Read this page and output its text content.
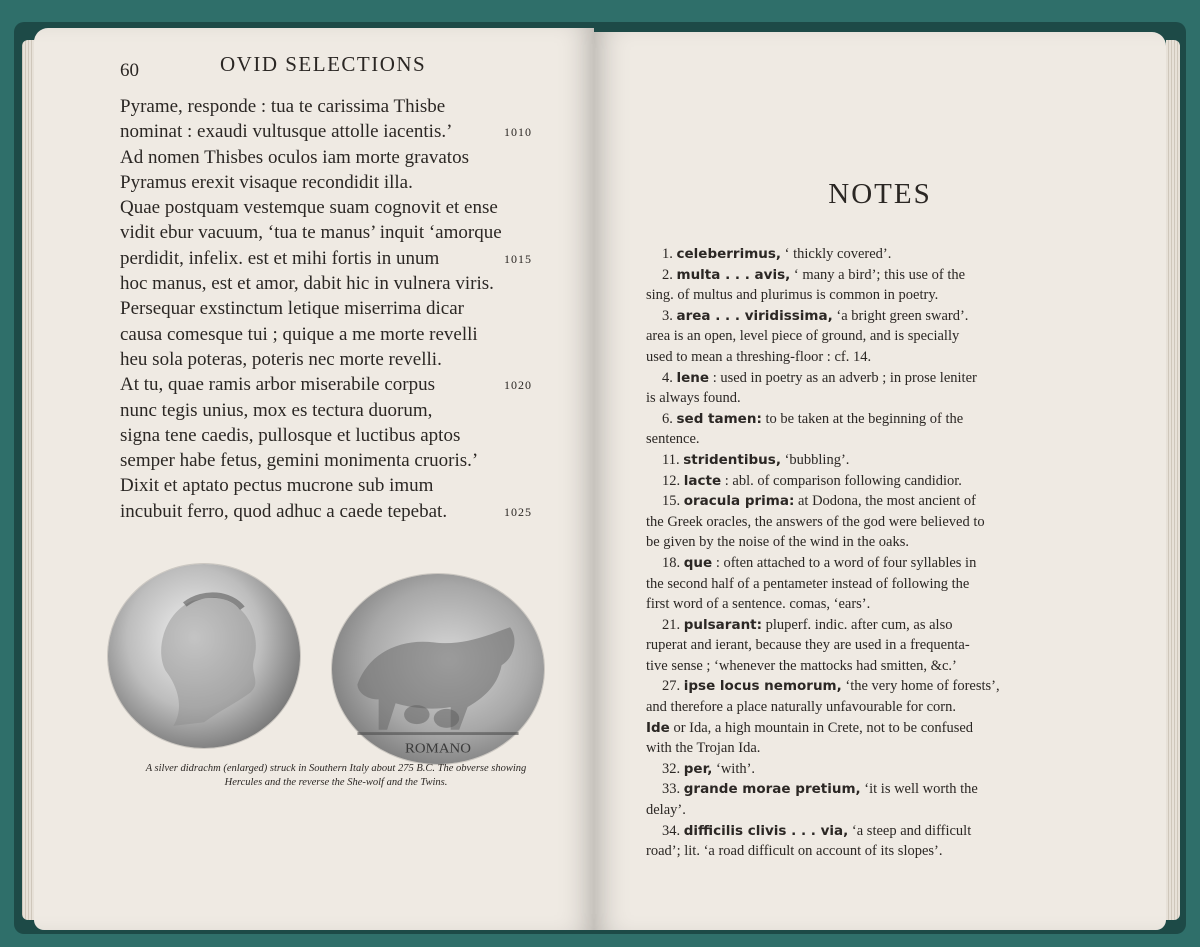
60	OVID SELECTIONS
Pyrame, responde : tua te carissima Thisbe
nominat : exaudi vultusque attolle iacentis.’	1010
Ad nomen Thisbes oculos iam morte gravatos
Pyramus erexit visaque recondidit illa.
Quae postquam vestemque suam cognovit et ense
vidit ebur vacuum, ‘tua te manus’ inquit ‘amorque
perdidit, infelix. est et mihi fortis in unum	1015
hoc manus, est et amor, dabit hic in vulnera viris.
Persequar exstinctum letique miserrima dicar
causa comesque tui ; quique a me morte revelli
heu sola poteras, poteris nec morte revelli.
At tu, quae ramis arbor miserabile corpus	1020
nunc tegis unius, mox es tectura duorum,
signa tene caedis, pullosque et luctibus aptos
semper habe fetus, gemini monimenta cruoris.’
Dixit et aptato pectus mucrone sub imum
incubuit ferro, quod adhuc a caede tepebat.	1025
ROMANO
A silver didrachm (enlarged) struck in Southern Italy about 275 B.C. The obverse showing Hercules and the reverse the She-wolf and the Twins.
NOTES
1. celeberrimus, ‘ thickly covered’.
2. multa . . . avis, ‘ many a bird’; this use of the
sing. of multus and plurimus is common in poetry.
3. area . . . viridissima, ‘a bright green sward’.
area is an open, level piece of ground, and is specially
used to mean a threshing-floor : cf. 14.
4. lene : used in poetry as an adverb ; in prose leniter
is always found.
6. sed tamen: to be taken at the beginning of the
sentence.
11. stridentibus, ‘bubbling’.
12. lacte : abl. of comparison following candidior.
15. oracula prima: at Dodona, the most ancient of
the Greek oracles, the answers of the god were believed to
be given by the noise of the wind in the oaks.
18. que : often attached to a word of four syllables in
the second half of a pentameter instead of following the
first word of a sentence. comas, ‘ears’.
21. pulsarant: pluperf. indic. after cum, as also
ruperat and ierant, because they are used in a frequenta-
tive sense ; ‘whenever the mattocks had smitten, &c.’
27. ipse locus nemorum, ‘the very home of forests’,
and therefore a place naturally unfavourable for corn.
Ide or Ida, a high mountain in Crete, not to be confused
with the Trojan Ida.
32. per, ‘with’.
33. grande morae pretium, ‘it is well worth the
delay’.
34. difficilis clivis . . . via, ‘a steep and difficult
road’; lit. ‘a road difficult on account of its slopes’.
